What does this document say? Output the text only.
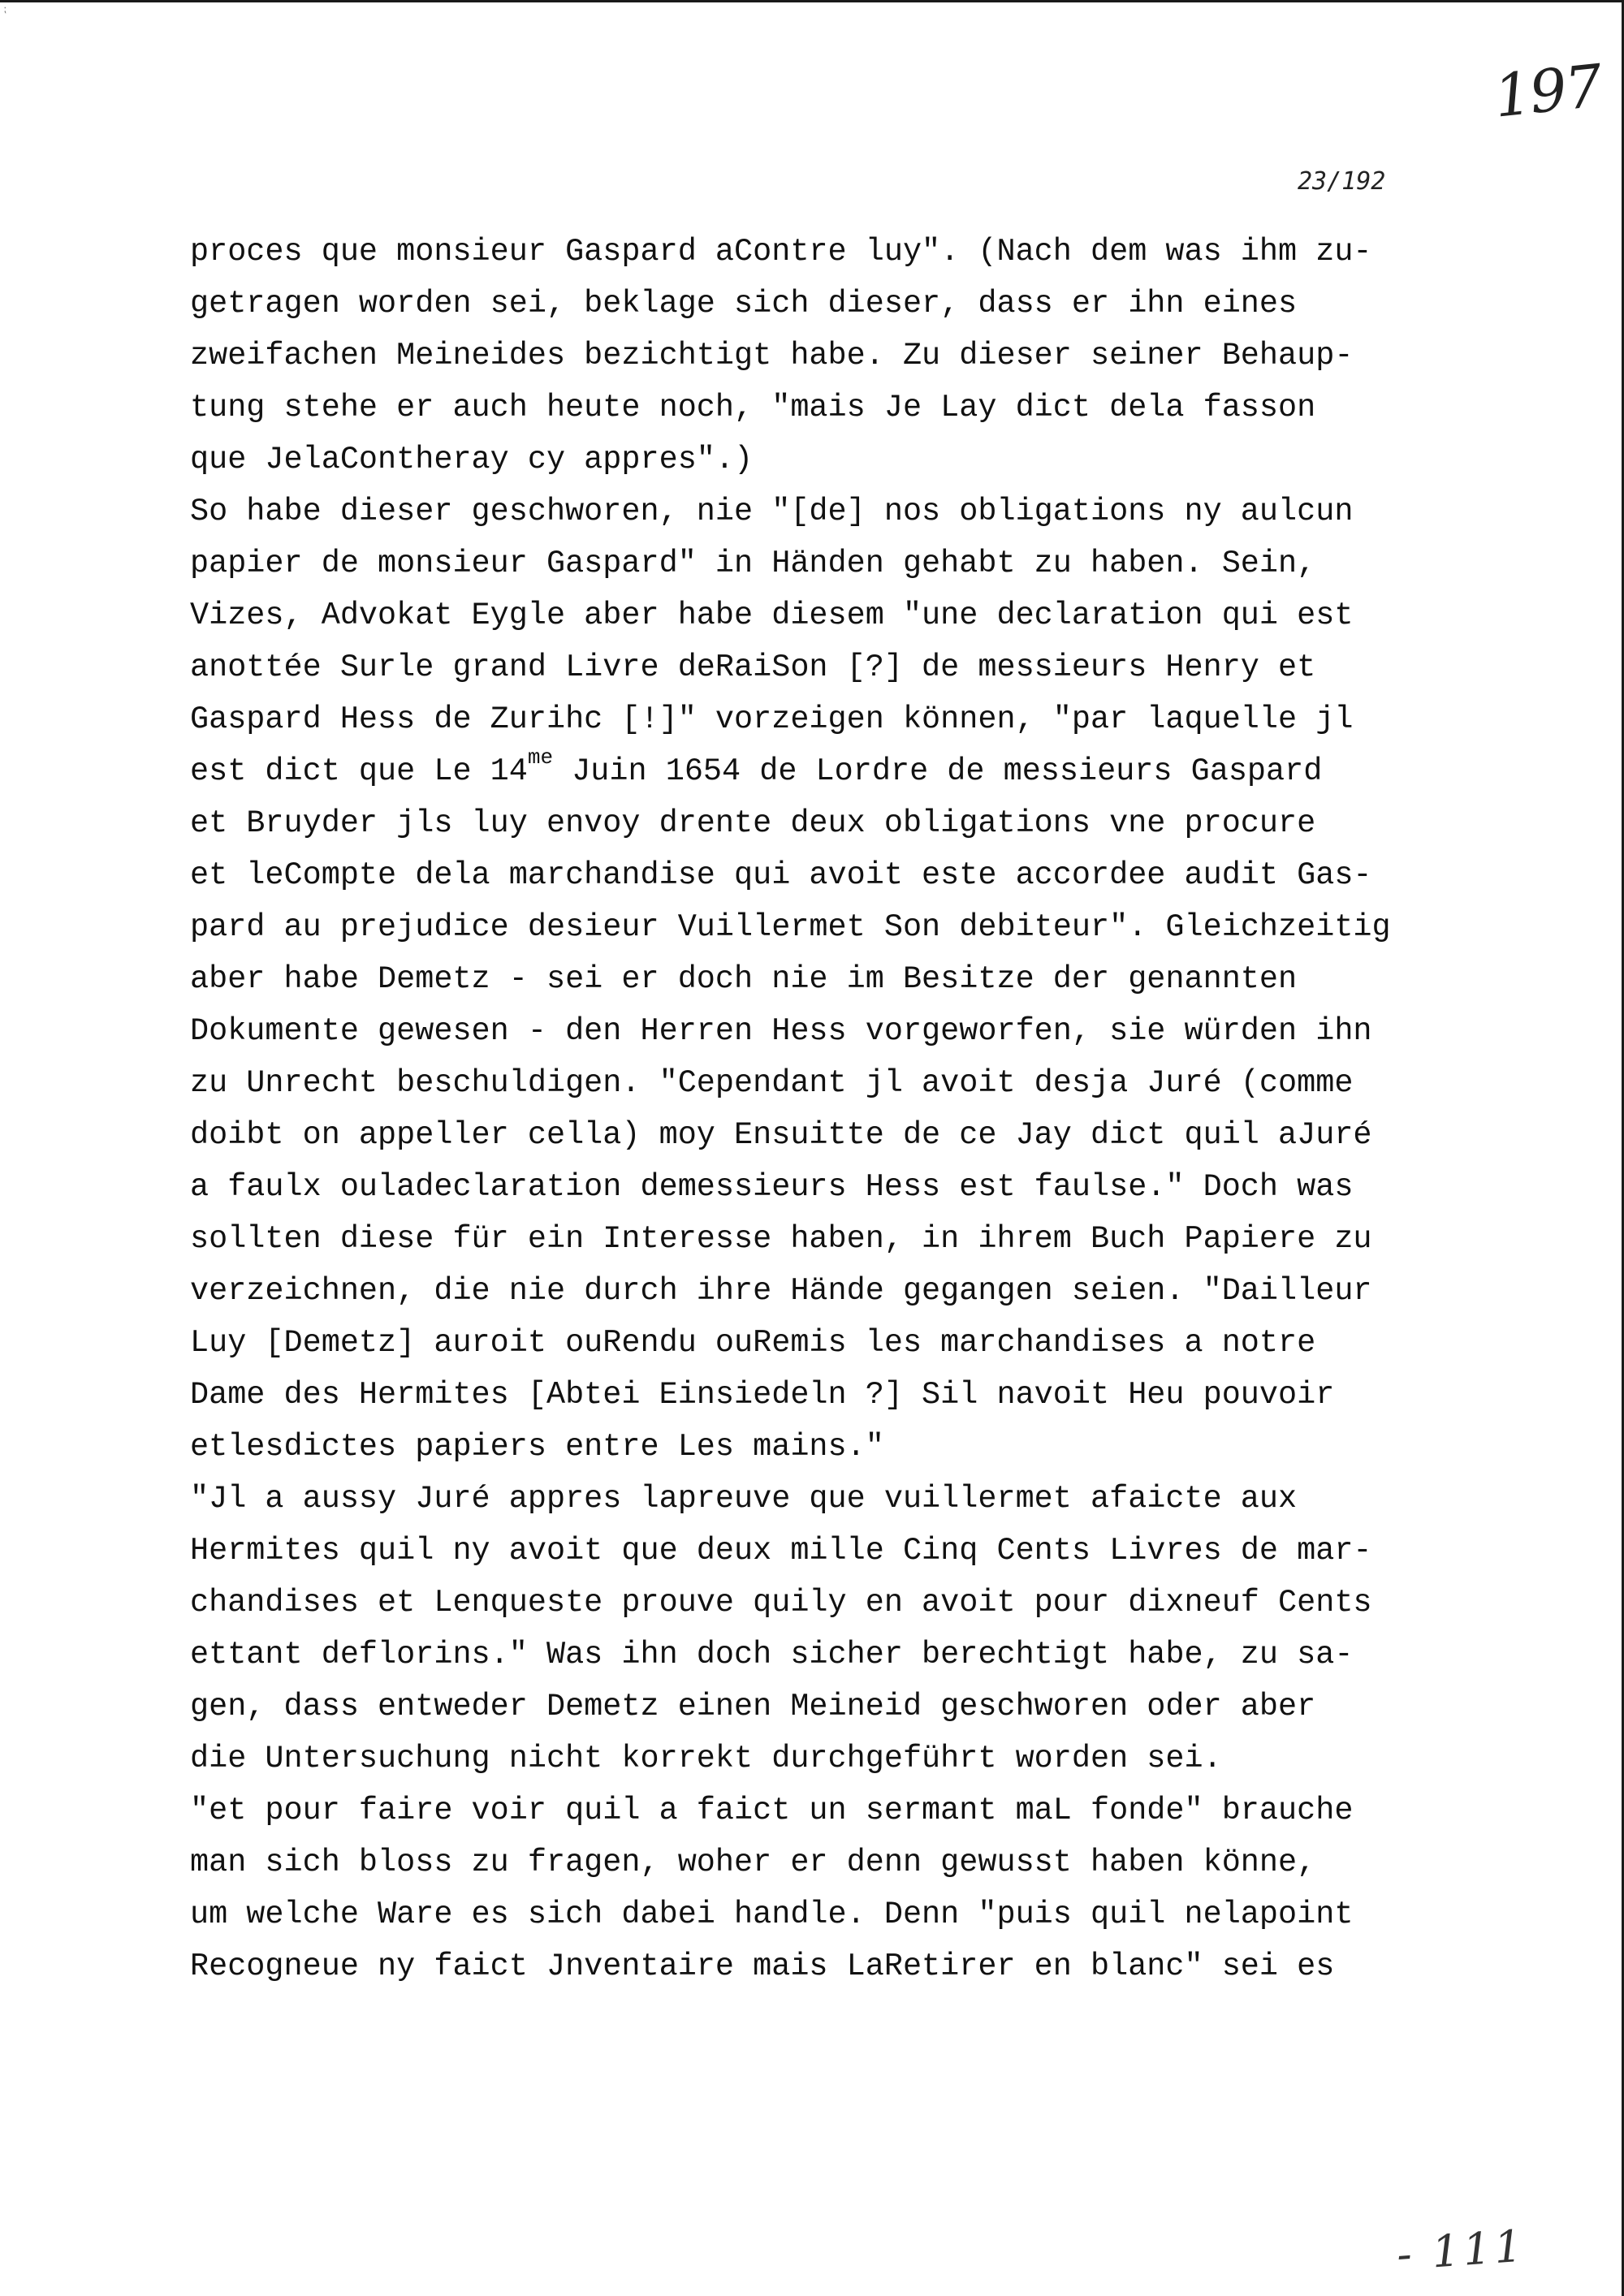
⁏
197
23/192
proces que monsieur Gaspard aContre luy". (Nach dem was ihm zu-
getragen worden sei, beklage sich dieser, dass er ihn eines
zweifachen Meineides bezichtigt habe. Zu dieser seiner Behaup-
tung stehe er auch heute noch, "mais Je Lay dict dela fasson
que JelaContheray cy appres".)
So habe dieser geschworen, nie "[de] nos obligations ny aulcun
papier de monsieur Gaspard" in Händen gehabt zu haben. Sein,
Vizes, Advokat Eygle aber habe diesem "une declaration qui est
anottée Surle grand Livre deRaiSon [?] de messieurs Henry et
Gaspard Hess de Zurihc [!]" vorzeigen können, "par laquelle jl
est dict que Le $14^{me}$ Juin 1654 de Lordre de messieurs Gaspard
et Bruyder jls luy envoy drente deux obligations vne procure
et leCompte dela marchandise qui avoit este accordee audit Gas-
pard au prejudice desieur Vuillermet Son debiteur". Gleichzeitig
aber habe Demetz - sei er doch nie im Besitze der genannten
Dokumente gewesen - den Herren Hess vorgeworfen, sie würden ihn
zu Unrecht beschuldigen. "Cependant jl avoit desja Juré (comme
doibt on appeller cella) moy Ensuitte de ce Jay dict quil aJuré
a faulx ouladeclaration demessieurs Hess est faulse." Doch was
sollten diese für ein Interesse haben, in ihrem Buch Papiere zu
verzeichnen, die nie durch ihre Hände gegangen seien. "Dailleur
Luy [Demetz] auroit ouRendu ouRemis les marchandises a notre
Dame des Hermites [Abtei Einsiedeln ?] Sil navoit Heu pouvoir
etlesdictes papiers entre Les mains."
"Jl a aussy Juré appres lapreuve que vuillermet afaicte aux
Hermites quil ny avoit que deux mille Cinq Cents Livres de mar-
chandises et Lenqueste prouve quily en avoit pour dixneuf Cents
ettant deflorins." Was ihn doch sicher berechtigt habe, zu sa-
gen, dass entweder Demetz einen Meineid geschworen oder aber
die Untersuchung nicht korrekt durchgeführt worden sei.
"et pour faire voir quil a faict un sermant maL fonde" brauche
man sich bloss zu fragen, woher er denn gewusst haben könne,
um welche Ware es sich dabei handle. Denn "puis quil nelapoint
Recogneue ny faict Jnventaire mais LaRetirer en blanc" sei es
- 111
